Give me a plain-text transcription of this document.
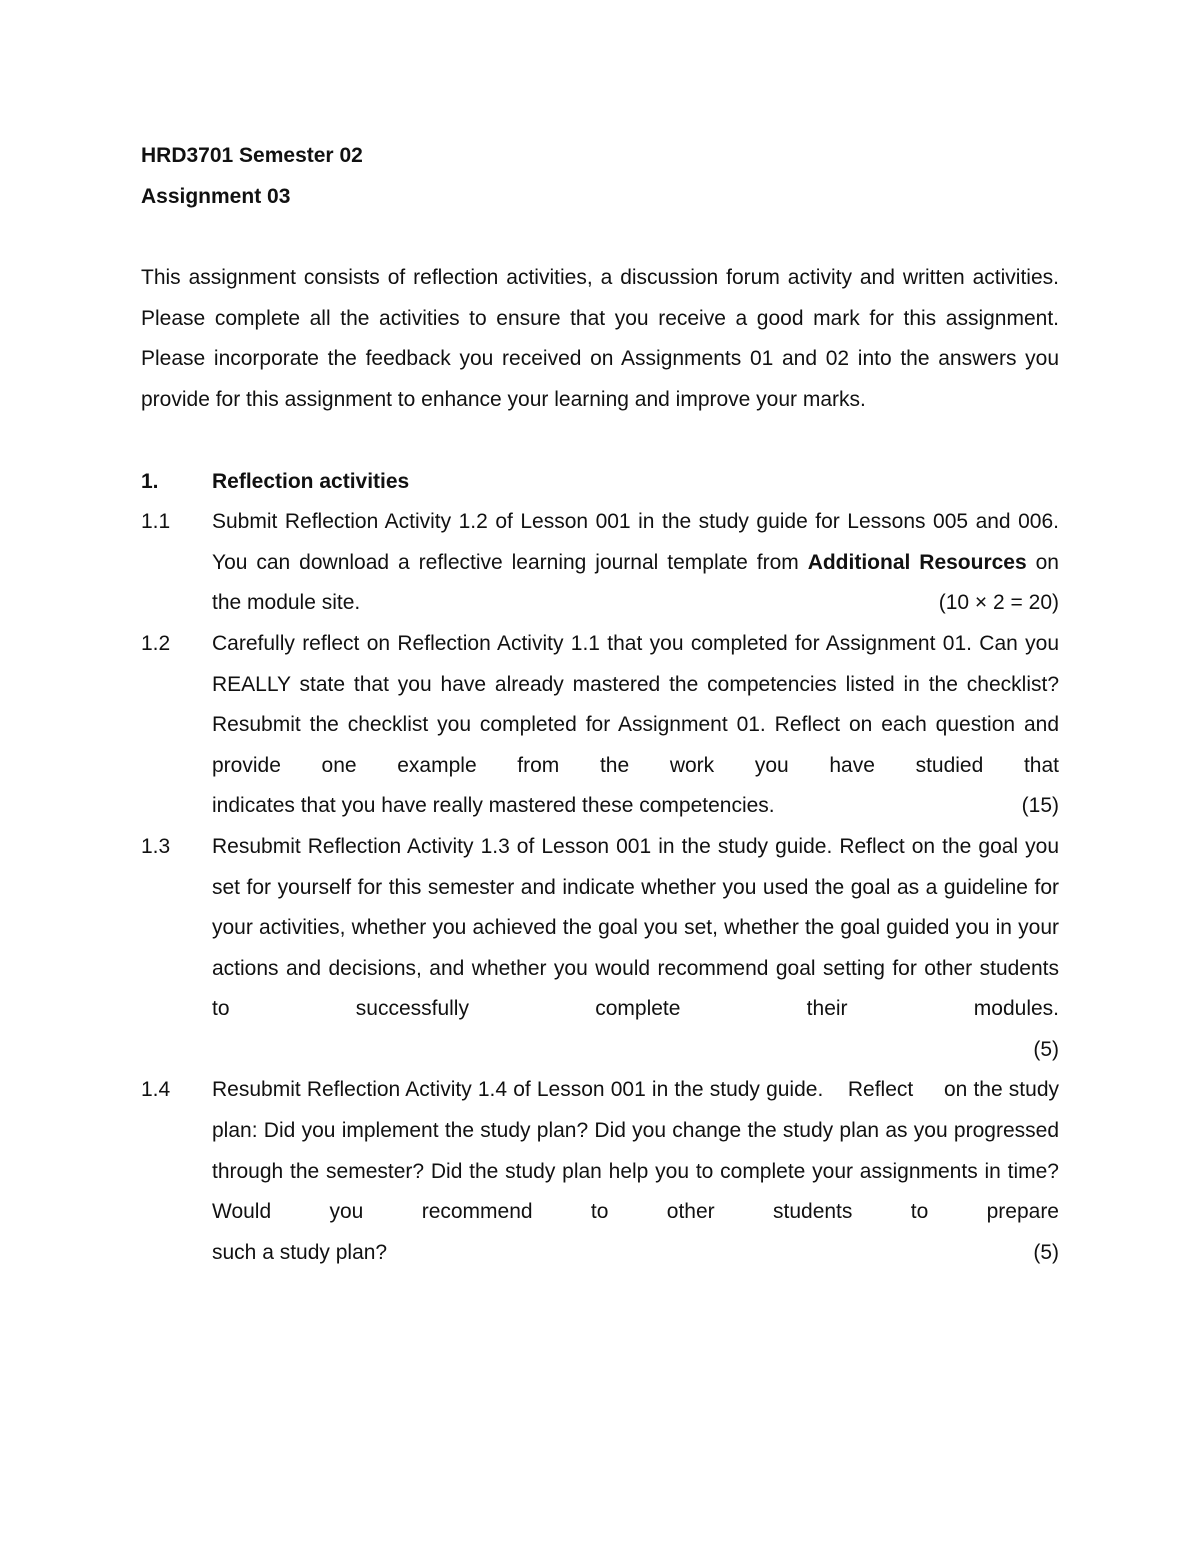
HRD3701 Semester 02
Assignment 03
This assignment consists of reflection activities, a discussion forum activity and written activities. Please complete all the activities to ensure that you receive a good mark for this assignment. Please incorporate the feedback you received on Assignments 01 and 02 into the answers you provide for this assignment to enhance your learning and improve your marks.
1.	Reflection activities
1.1	Submit Reflection Activity 1.2 of Lesson 001 in the study guide for Lessons 005 and 006. You can download a reflective learning journal template from Additional Resources on the module site.	(10 × 2 = 20)
1.2	Carefully reflect on Reflection Activity 1.1 that you completed for Assignment 01. Can you REALLY state that you have already mastered the competencies listed in the checklist? Resubmit the checklist you completed for Assignment 01. Reflect on each question and provide one example from the work you have studied that
indicates that you have really mastered these competencies.	(15)
1.3	Resubmit Reflection Activity 1.3 of Lesson 001 in the study guide. Reflect on the goal you set for yourself for this semester and indicate whether you used the goal as a guideline for your activities, whether you achieved the goal you set, whether the goal guided you in your actions and decisions, and whether you would recommend goal setting for other students to successfully complete their modules.
(5)
1.4	Resubmit Reflection Activity 1.4 of Lesson 001 in the study guide.    Reflect     on the study plan: Did you implement the study plan? Did you change the study plan as you progressed through the semester? Did the study plan help you to complete your assignments in time? Would you recommend to other students to prepare
such a study plan?	(5)
